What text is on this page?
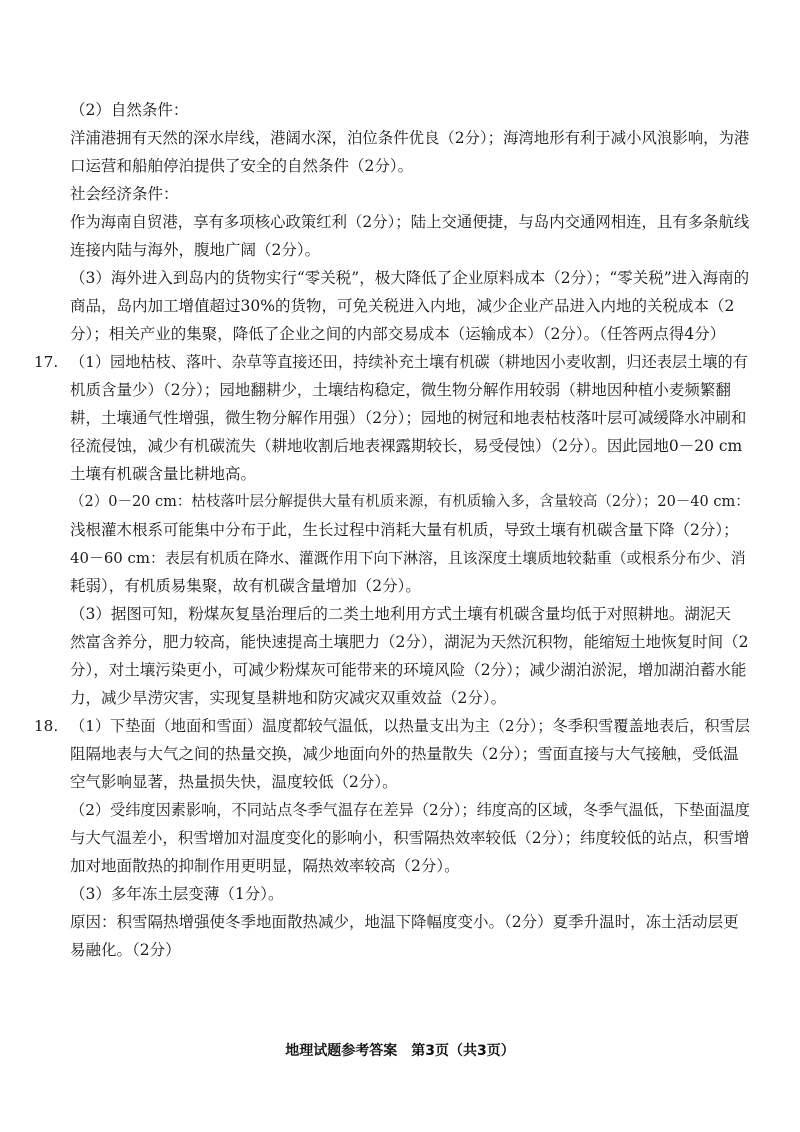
（2）自然条件：
洋浦港拥有天然的深水岸线，港阔水深，泊位条件优良（2分）；海湾地形有利于减小风浪影响，为港
口运营和船舶停泊提供了安全的自然条件（2分）。
社会经济条件：
作为海南自贸港，享有多项核心政策红利（2分）；陆上交通便捷，与岛内交通网相连，且有多条航线
连接内陆与海外，腹地广阔（2分）。
（3）海外进入到岛内的货物实行“零关税”，极大降低了企业原料成本（2分）；“零关税”进入海南的
商品，岛内加工增值超过30%的货物，可免关税进入内地，减少企业产品进入内地的关税成本（2
分）；相关产业的集聚，降低了企业之间的内部交易成本（运输成本）（2分）。（任答两点得4分）
17. （1）园地枯枝、落叶、杂草等直接还田，持续补充土壤有机碳（耕地因小麦收割，归还表层土壤的有
机质含量少）（2分）；园地翻耕少，土壤结构稳定，微生物分解作用较弱（耕地因种植小麦频繁翻
耕，土壤通气性增强，微生物分解作用强）（2分）；园地的树冠和地表枯枝落叶层可减缓降水冲刷和
径流侵蚀，减少有机碳流失（耕地收割后地表裸露期较长，易受侵蚀）（2分）。因此园地0－20 cm
土壤有机碳含量比耕地高。
（2）0－20 cm：枯枝落叶层分解提供大量有机质来源，有机质输入多，含量较高（2分）；20－40 cm：
浅根灌木根系可能集中分布于此，生长过程中消耗大量有机质，导致土壤有机碳含量下降（2分）；
40－60 cm：表层有机质在降水、灌溉作用下向下淋溶，且该深度土壤质地较黏重（或根系分布少、消
耗弱），有机质易集聚，故有机碳含量增加（2分）。
（3）据图可知，粉煤灰复垦治理后的二类土地利用方式土壤有机碳含量均低于对照耕地。湖泥天
然富含养分，肥力较高，能快速提高土壤肥力（2分），湖泥为天然沉积物，能缩短土地恢复时间（2
分），对土壤污染更小，可减少粉煤灰可能带来的环境风险（2分）；减少湖泊淤泥，增加湖泊蓄水能
力，减少旱涝灾害，实现复垦耕地和防灾减灾双重效益（2分）。
18. （1）下垫面（地面和雪面）温度都较气温低，以热量支出为主（2分）；冬季积雪覆盖地表后，积雪层
阻隔地表与大气之间的热量交换，减少地面向外的热量散失（2分）；雪面直接与大气接触，受低温
空气影响显著，热量损失快，温度较低（2分）。
（2）受纬度因素影响，不同站点冬季气温存在差异（2分）；纬度高的区域，冬季气温低，下垫面温度
与大气温差小，积雪增加对温度变化的影响小，积雪隔热效率较低（2分）；纬度较低的站点，积雪增
加对地面散热的抑制作用更明显，隔热效率较高（2分）。
（3）多年冻土层变薄（1分）。
原因：积雪隔热增强使冬季地面散热减少，地温下降幅度变小。（2分）夏季升温时，冻土活动层更
易融化。（2分）
地理试题参考答案　第3页（共3页）
